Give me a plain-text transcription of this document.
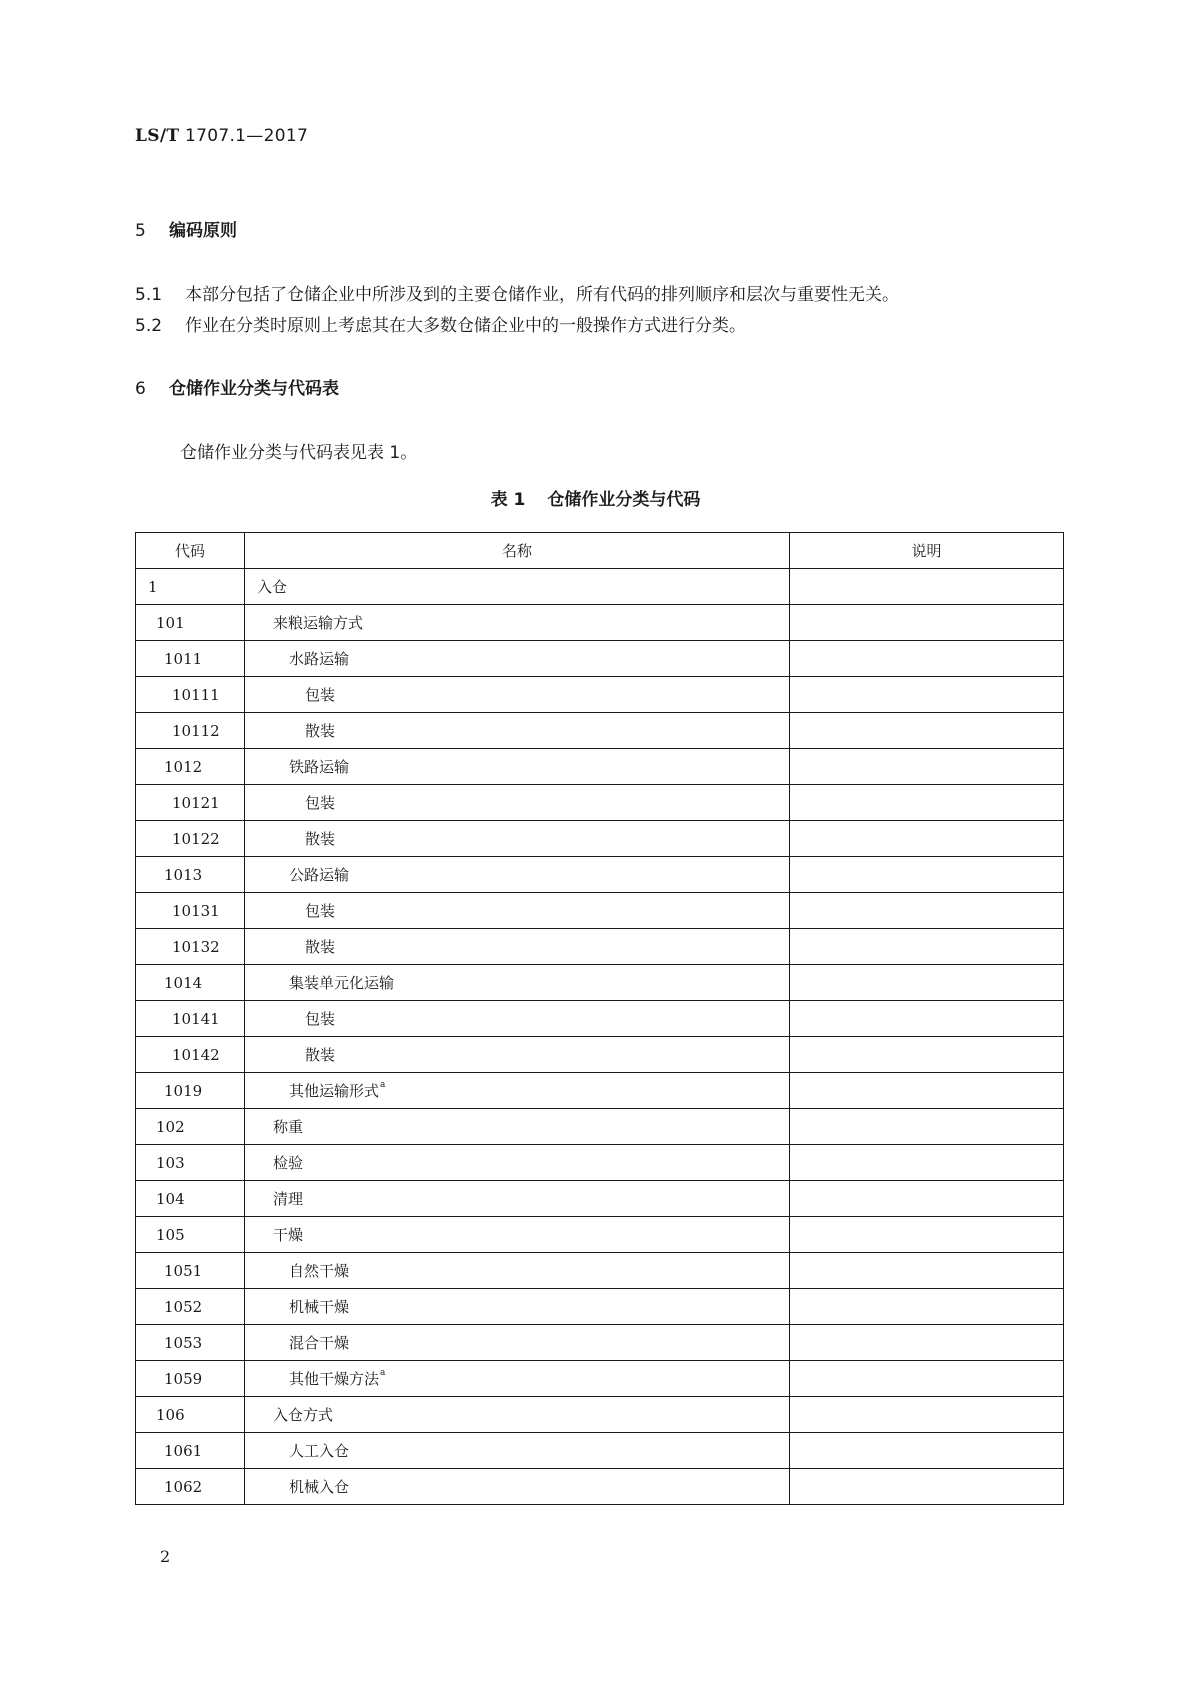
LS/T 1707.1—2017
5 编码原则
5.1 本部分包括了仓储企业中所涉及到的主要仓储作业，所有代码的排列顺序和层次与重要性无关。
5.2 作业在分类时原则上考虑其在大多数仓储企业中的一般操作方式进行分类。
6 仓储作业分类与代码表
仓储作业分类与代码表见表 1。
表 1 仓储作业分类与代码
代码	名称	说明
1	入仓	
101	来粮运输方式	
1011	水路运输	
10111	包装	
10112	散装	
1012	铁路运输	
10121	包装	
10122	散装	
1013	公路运输	
10131	包装	
10132	散装	
1014	集装单元化运输	
10141	包装	
10142	散装	
1019	其他运输形式$^a$	
102	称重	
103	检验	
104	清理	
105	干燥	
1051	自然干燥	
1052	机械干燥	
1053	混合干燥	
1059	其他干燥方法$^a$	
106	入仓方式	
1061	人工入仓	
1062	机械入仓	
2
